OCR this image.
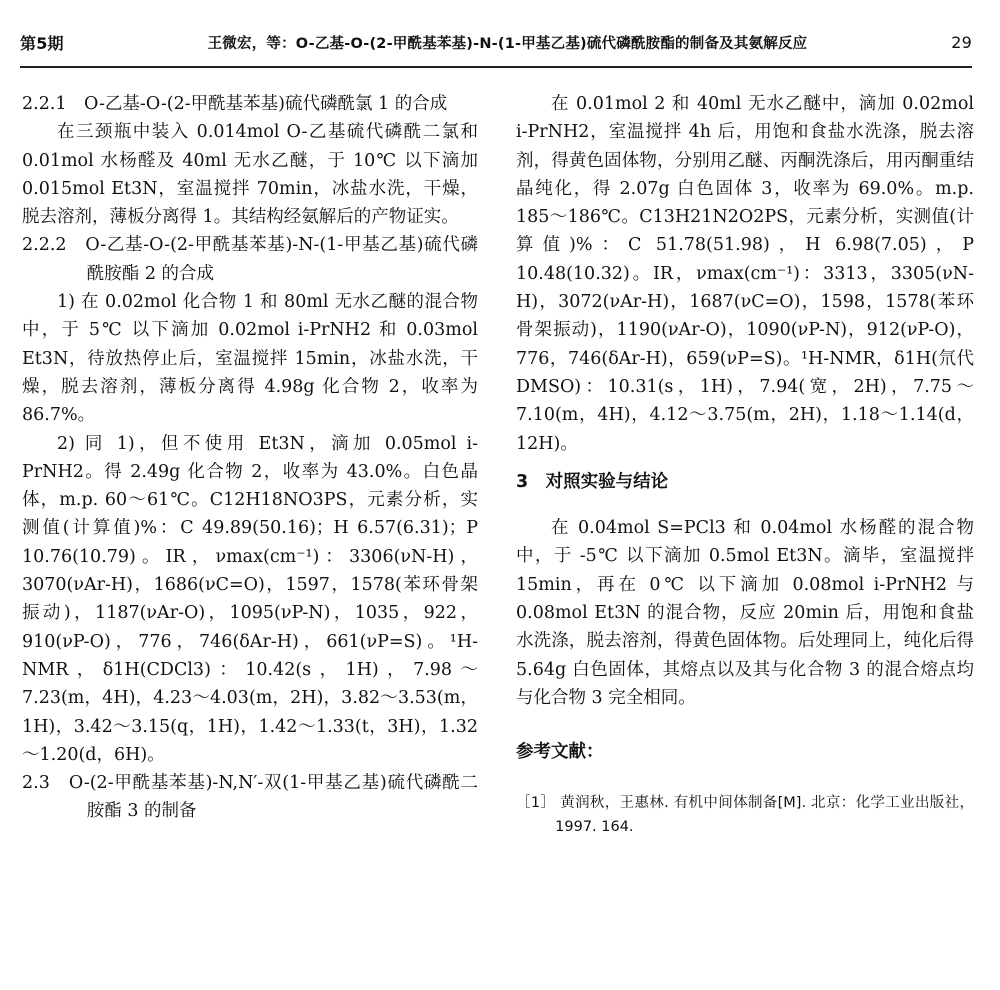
第5期	王微宏，等：O-乙基-O-(2-甲酰基苯基)-N-(1-甲基乙基)硫代磷酰胺酯的制备及其氨解反应	29

2.2.1　O-乙基-O-(2-甲酰基苯基)硫代磷酰氯 1 的合成

在三颈瓶中装入 0.014mol O-乙基硫代磷酰二氯和 0.01mol 水杨醛及 40ml 无水乙醚，于 10℃ 以下滴加 0.015mol Et3N，室温搅拌 70min，冰盐水洗，干燥，脱去溶剂，薄板分离得 1。其结构经氨解后的产物证实。

2.2.2　O-乙基-O-(2-甲酰基苯基)-N-(1-甲基乙基)硫代磷酰胺酯 2 的合成

1) 在 0.02mol 化合物 1 和 80ml 无水乙醚的混合物中，于 5℃ 以下滴加 0.02mol i-PrNH2 和 0.03mol Et3N，待放热停止后，室温搅拌 15min，冰盐水洗，干燥，脱去溶剂，薄板分离得 4.98g 化合物 2，收率为 86.7%。

2) 同 1)，但不使用 Et3N，滴加 0.05mol i-PrNH2。得 2.49g 化合物 2，收率为 43.0%。白色晶体，m.p. 60～61℃。C12H18NO3PS，元素分析，实测值(计算值)%：C 49.89(50.16)；H 6.57(6.31)；P 10.76(10.79)。IR，νmax(cm⁻¹)：3306(νN-H)，3070(νAr-H)，1686(νC=O)，1597，1578(苯环骨架振动)，1187(νAr-O)，1095(νP-N)，1035，922，910(νP-O)，776，746(δAr-H)，661(νP=S)。¹H-NMR，δ1H(CDCl3)：10.42(s，1H)，7.98～7.23(m，4H)，4.23～4.03(m，2H)，3.82～3.53(m，1H)，3.42～3.15(q，1H)，1.42～1.33(t，3H)，1.32～1.20(d，6H)。

2.3　O-(2-甲酰基苯基)-N,N′-双(1-甲基乙基)硫代磷酰二胺酯 3 的制备

在 0.01mol 2 和 40ml 无水乙醚中，滴加 0.02mol i-PrNH2，室温搅拌 4h 后，用饱和食盐水洗涤，脱去溶剂，得黄色固体物，分别用乙醚、丙酮洗涤后，用丙酮重结晶纯化，得 2.07g 白色固体 3，收率为 69.0%。m.p. 185～186℃。C13H21N2O2PS，元素分析，实测值(计算值)%：C 51.78(51.98)，H 6.98(7.05)，P 10.48(10.32)。IR，νmax(cm⁻¹)：3313，3305(νN-H)，3072(νAr-H)，1687(νC=O)，1598，1578(苯环骨架振动)，1190(νAr-O)，1090(νP-N)，912(νP-O)，776，746(δAr-H)，659(νP=S)。¹H-NMR，δ1H(氘代 DMSO)：10.31(s，1H)，7.94(宽，2H)，7.75～7.10(m，4H)，4.12～3.75(m，2H)，1.18～1.14(d，12H)。

3　对照实验与结论

在 0.04mol S=PCl3 和 0.04mol 水杨醛的混合物中，于 -5℃ 以下滴加 0.5mol Et3N。滴毕，室温搅拌 15min，再在 0℃ 以下滴加 0.08mol i-PrNH2 与 0.08mol Et3N 的混合物，反应 20min 后，用饱和食盐水洗涤，脱去溶剂，得黄色固体物。后处理同上，纯化后得 5.64g 白色固体，其熔点以及其与化合物 3 的混合熔点均与化合物 3 完全相同。

参考文献：

［1］ 黄润秋，王惠林. 有机中间体制备[M]. 北京：化学工业出版社，1997. 164.
